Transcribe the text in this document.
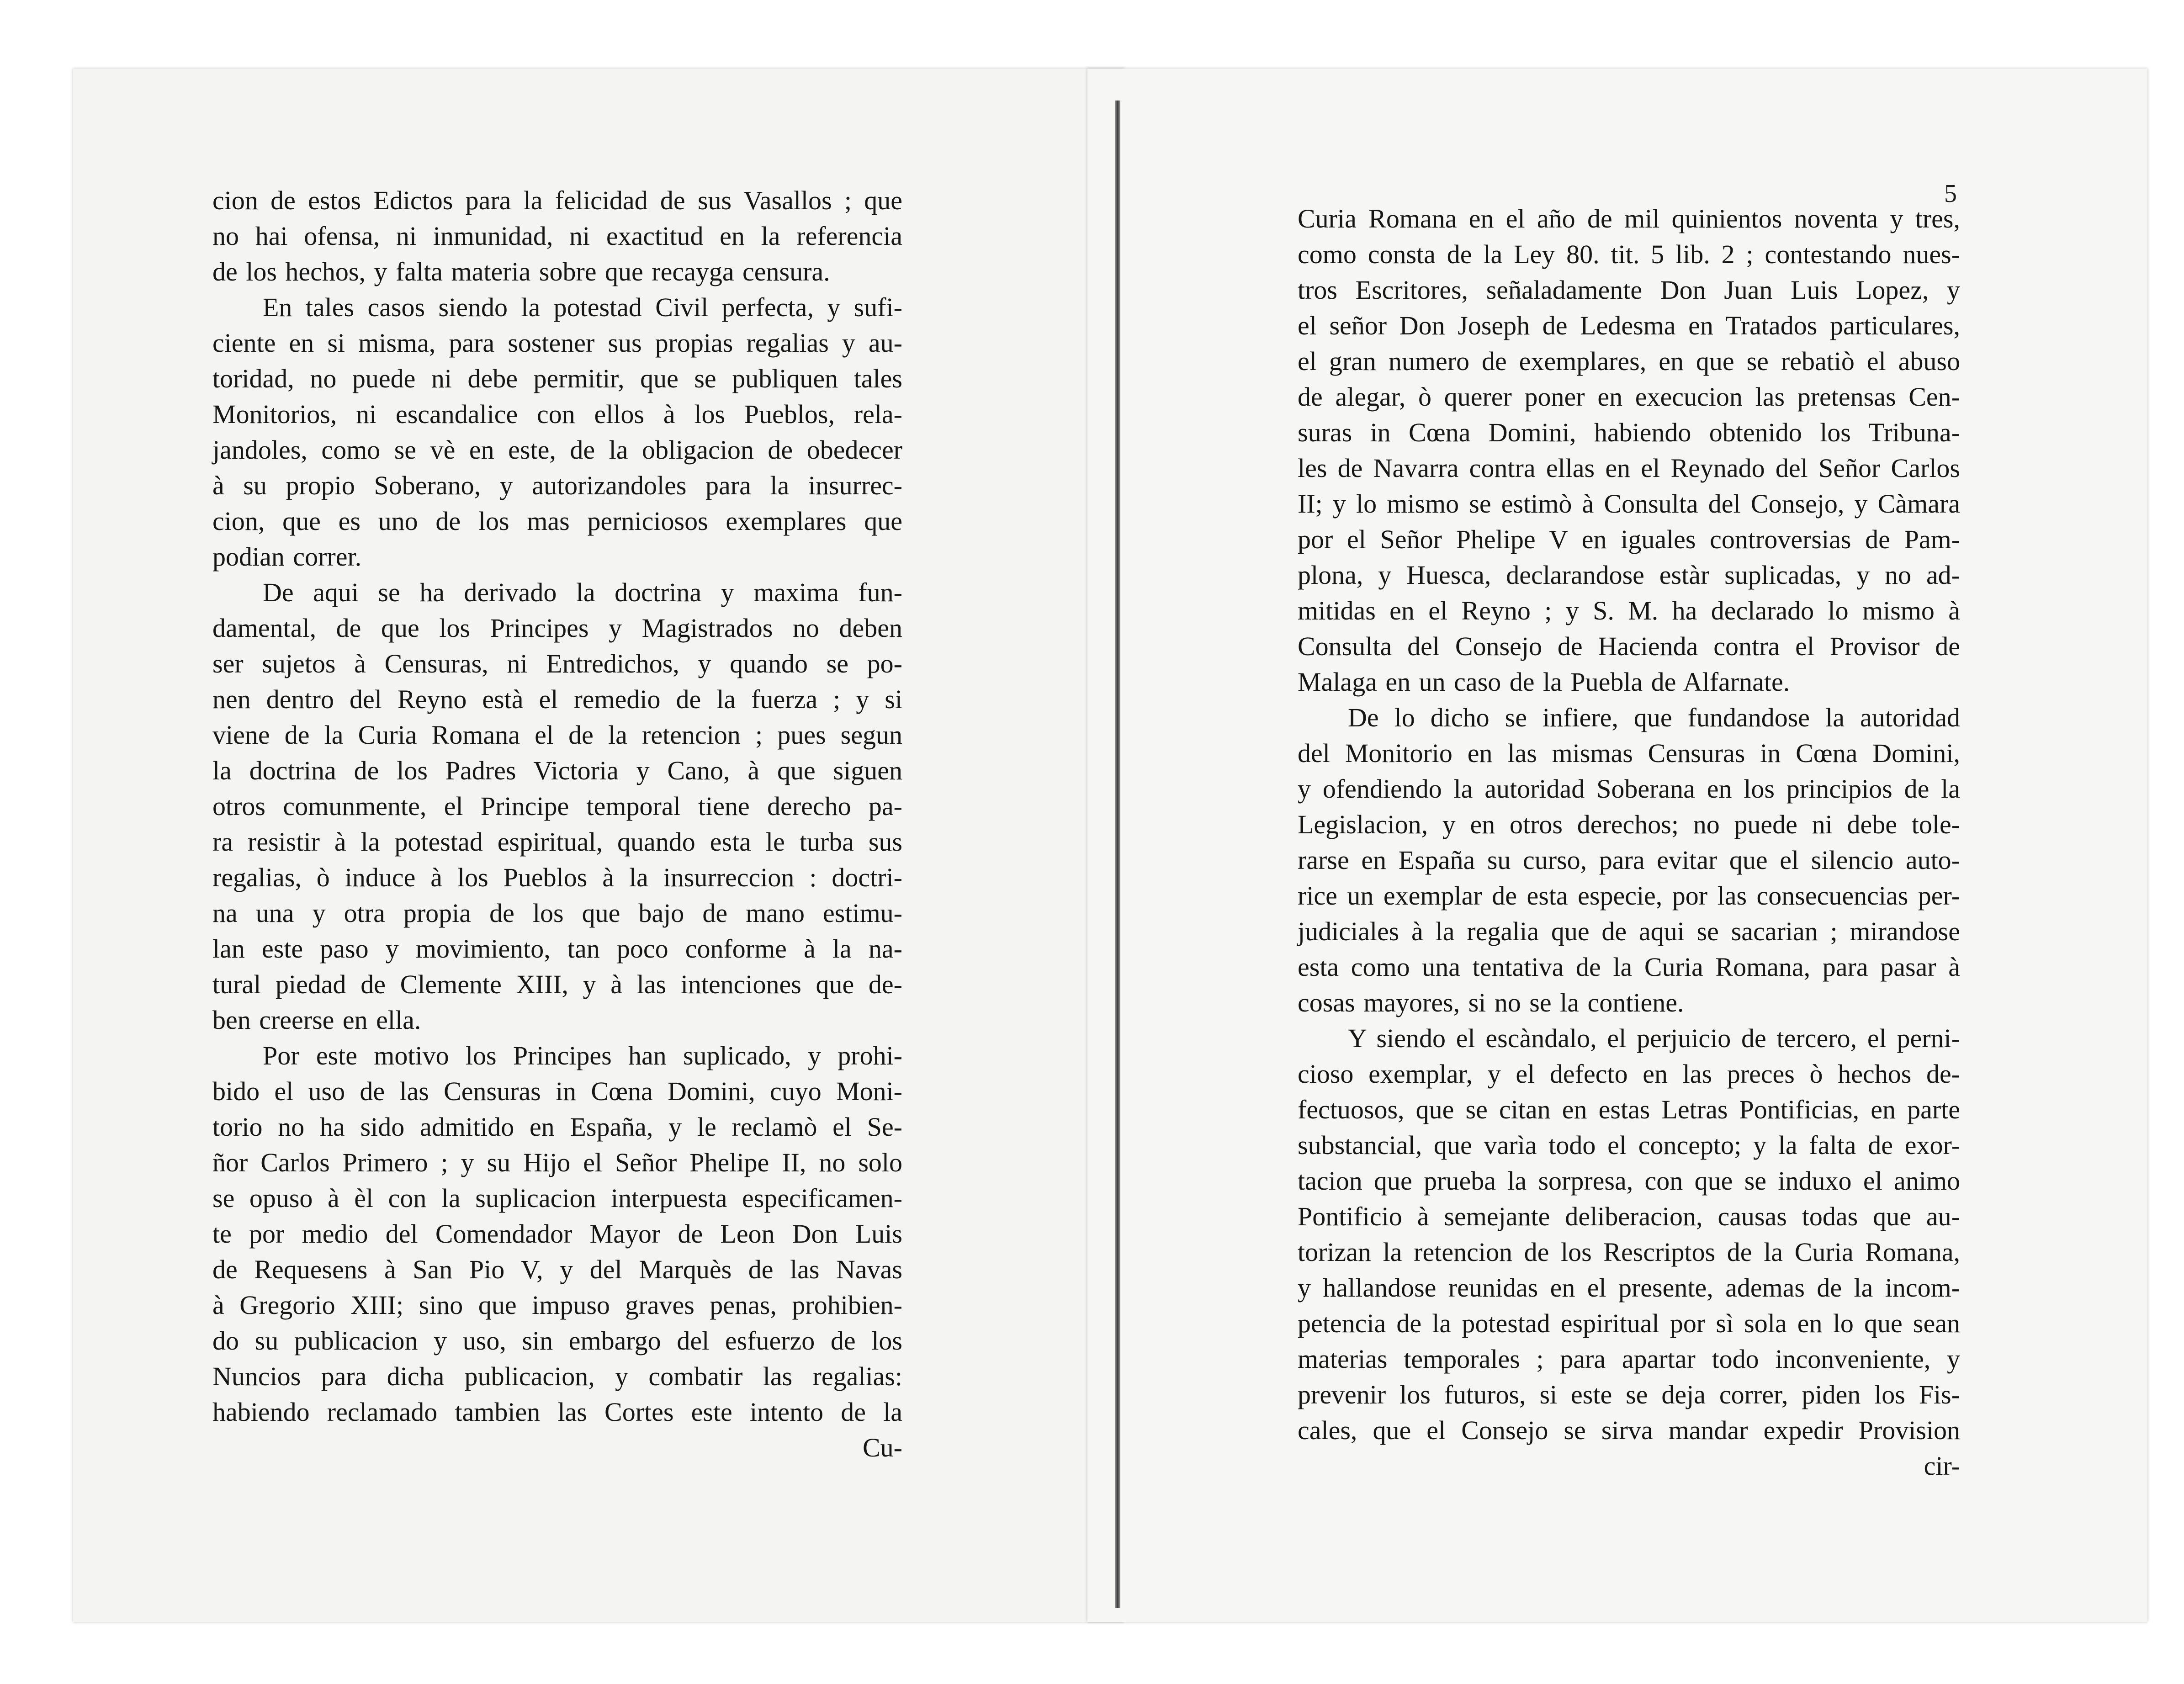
5

cion de estos Edictos para la felicidad de sus Vasallos ; que

no hai ofensa, ni inmunidad, ni exactitud en la referencia

de los hechos, y falta materia sobre que recayga censura.

En tales casos siendo la potestad Civil perfecta, y sufi-

ciente en si misma, para sostener sus propias regalias y au-

toridad, no puede ni debe permitir, que se publiquen tales

Monitorios, ni escandalice con ellos à los Pueblos, rela-

jandoles, como se vè en este, de la obligacion de obedecer

à su propio Soberano, y autorizandoles para la insurrec-

cion, que es uno de los mas perniciosos exemplares que

podian correr.

De aqui se ha derivado la doctrina y maxima fun-

damental, de que los Principes y Magistrados no deben

ser sujetos à Censuras, ni Entredichos, y quando se po-

nen dentro del Reyno està el remedio de la fuerza ; y si

viene de la Curia Romana el de la retencion ; pues segun

la doctrina de los Padres Victoria y Cano, à que siguen

otros comunmente, el Principe temporal tiene derecho pa-

ra resistir à la potestad espiritual, quando esta le turba sus

regalias, ò induce à los Pueblos à la insurreccion : doctri-

na una y otra propia de los que bajo de mano estimu-

lan este paso y movimiento, tan poco conforme à la na-

tural piedad de Clemente XIII, y à las intenciones que de-

ben creerse en ella.

Por este motivo los Principes han suplicado, y prohi-

bido el uso de las Censuras in Cœna Domini, cuyo Moni-

torio no ha sido admitido en España, y le reclamò el Se-

ñor Carlos Primero ; y su Hijo el Señor Phelipe II, no solo

se opuso à èl con la suplicacion interpuesta especificamen-

te por medio del Comendador Mayor de Leon Don Luis

de Requesens à San Pio V, y del Marquès de las Navas

à Gregorio XIII; sino que impuso graves penas, prohibien-

do su publicacion y uso, sin embargo del esfuerzo de los

Nuncios para dicha publicacion, y combatir las regalias:

habiendo reclamado tambien las Cortes este intento de la

Cu-

Curia Romana en el año de mil quinientos noventa y tres,

como consta de la Ley 80. tit. 5 lib. 2 ; contestando nues-

tros Escritores, señaladamente Don Juan Luis Lopez, y

el señor Don Joseph de Ledesma en Tratados particulares,

el gran numero de exemplares, en que se rebatiò el abuso

de alegar, ò querer poner en execucion las pretensas Cen-

suras in Cœna Domini, habiendo obtenido los Tribuna-

les de Navarra contra ellas en el Reynado del Señor Carlos

II; y lo mismo se estimò à Consulta del Consejo, y Càmara

por el Señor Phelipe V en iguales controversias de Pam-

plona, y Huesca, declarandose estàr suplicadas, y no ad-

mitidas en el Reyno ; y S. M. ha declarado lo mismo à

Consulta del Consejo de Hacienda contra el Provisor de

Malaga en un caso de la Puebla de Alfarnate.

De lo dicho se infiere, que fundandose la autoridad

del Monitorio en las mismas Censuras in Cœna Domini,

y ofendiendo la autoridad Soberana en los principios de la

Legislacion, y en otros derechos; no puede ni debe tole-

rarse en España su curso, para evitar que el silencio auto-

rice un exemplar de esta especie, por las consecuencias per-

judiciales à la regalia que de aqui se sacarian ; mirandose

esta como una tentativa de la Curia Romana, para pasar à

cosas mayores, si no se la contiene.

Y siendo el escàndalo, el perjuicio de tercero, el perni-

cioso exemplar, y el defecto en las preces ò hechos de-

fectuosos, que se citan en estas Letras Pontificias, en parte

substancial, que varìa todo el concepto; y la falta de exor-

tacion que prueba la sorpresa, con que se induxo el animo

Pontificio à semejante deliberacion, causas todas que au-

torizan la retencion de los Rescriptos de la Curia Romana,

y hallandose reunidas en el presente, ademas de la incom-

petencia de la potestad espiritual por sì sola en lo que sean

materias temporales ; para apartar todo inconveniente, y

prevenir los futuros, si este se deja correr, piden los Fis-

cales, que el Consejo se sirva mandar expedir Provision

cir-
